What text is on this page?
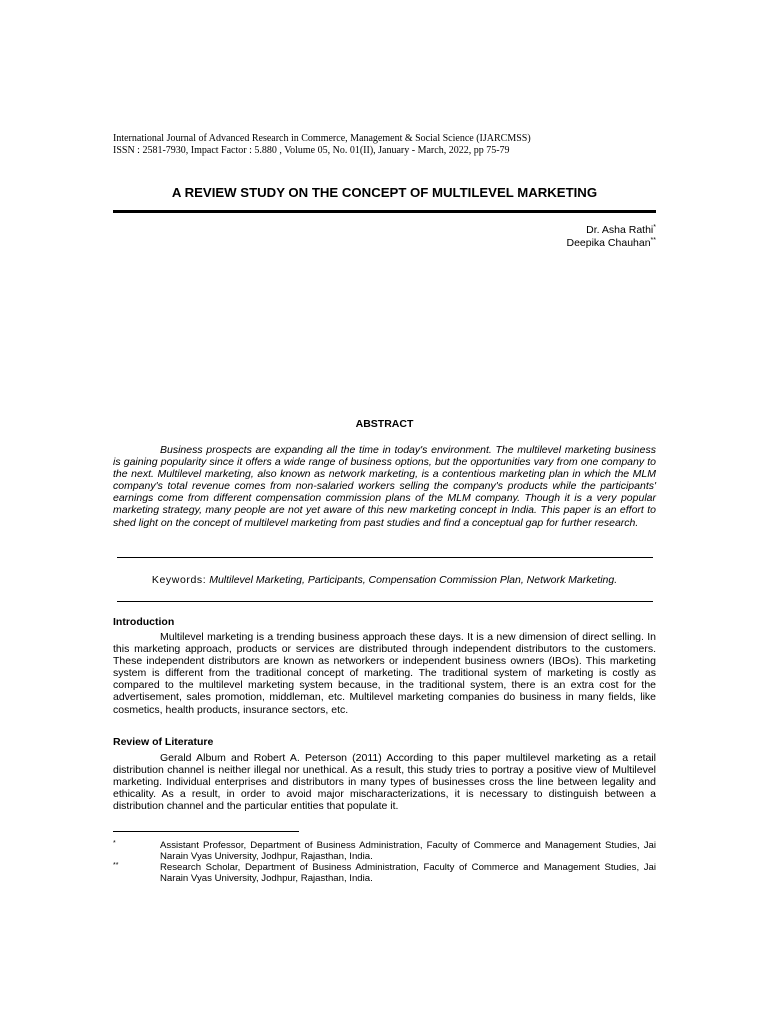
International Journal of Advanced Research in Commerce, Management & Social Science (IJARCMSS)
ISSN : 2581-7930, Impact Factor : 5.880 , Volume 05, No. 01(II), January - March, 2022, pp 75-79
A REVIEW STUDY ON THE CONCEPT OF MULTILEVEL MARKETING
Dr. Asha Rathi*
Deepika Chauhan**
ABSTRACT

Business prospects are expanding all the time in today's environment. The multilevel marketing business is gaining popularity since it offers a wide range of business options, but the opportunities vary from one company to the next. Multilevel marketing, also known as network marketing, is a contentious marketing plan in which the MLM company's total revenue comes from non-salaried workers selling the company's products while the participants' earnings come from different compensation commission plans of the MLM company. Though it is a very popular marketing strategy, many people are not yet aware of this new marketing concept in India. This paper is an effort to shed light on the concept of multilevel marketing from past studies and find a conceptual gap for further research.

Keywords: Multilevel Marketing, Participants, Compensation Commission Plan, Network Marketing.
Introduction

Multilevel marketing is a trending business approach these days. It is a new dimension of direct selling. In this marketing approach, products or services are distributed through independent distributors to the customers. These independent distributors are known as networkers or independent business owners (IBOs). This marketing system is different from the traditional concept of marketing. The traditional system of marketing is costly as compared to the multilevel marketing system because, in the traditional system, there is an extra cost for the advertisement, sales promotion, middleman, etc. Multilevel marketing companies do business in many fields, like cosmetics, health products, insurance sectors, etc.

Review of Literature

Gerald Album and Robert A. Peterson (2011) According to this paper multilevel marketing as a retail distribution channel is neither illegal nor unethical. As a result, this study tries to portray a positive view of Multilevel marketing. Individual enterprises and distributors in many types of businesses cross the line between legality and ethicality. As a result, in order to avoid major mischaracterizations, it is necessary to distinguish between a distribution channel and the particular entities that populate it.

*	Assistant Professor, Department of Business Administration, Faculty of Commerce and Management Studies, Jai Narain Vyas University, Jodhpur, Rajasthan, India.
**	Research Scholar, Department of Business Administration, Faculty of Commerce and Management Studies, Jai Narain Vyas University, Jodhpur, Rajasthan, India.
